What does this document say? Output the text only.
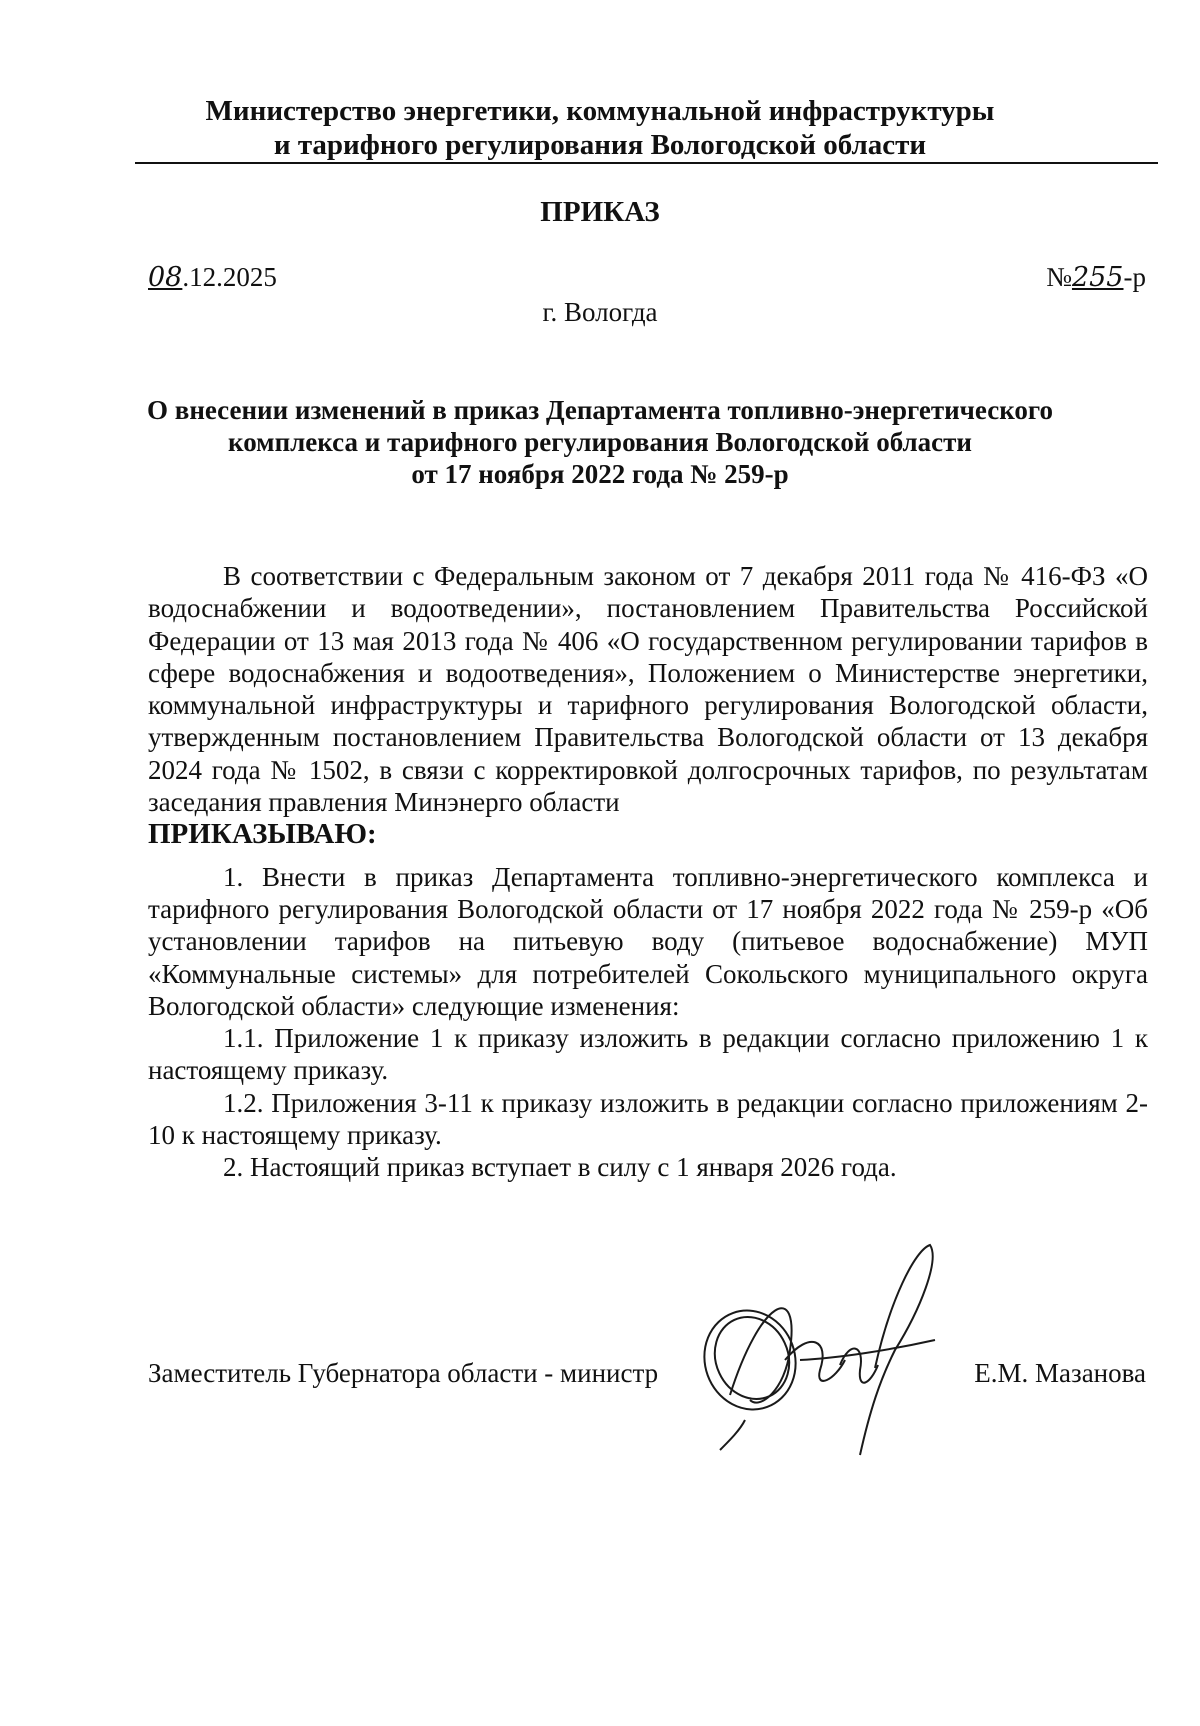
Министерство энергетики, коммунальной инфраструктуры
и тарифного регулирования Вологодской области
ПРИКАЗ
08.12.2025	№255-р
г. Вологда
О внесении изменений в приказ Департамента топливно-энергетического
комплекса и тарифного регулирования Вологодской области
от 17 ноября 2022 года № 259-р

В соответствии с Федеральным законом от 7 декабря 2011 года № 416-ФЗ «О водоснабжении и водоотведении», постановлением Правительства Российской Федерации от 13 мая 2013 года № 406 «О государственном регулировании тарифов в сфере водоснабжения и водоотведения», Положением о Министерстве энергетики, коммунальной инфраструктуры и тарифного регулирования Вологодской области, утвержденным постановлением Правительства Вологодской области от 13 декабря 2024 года № 1502, в связи с корректировкой долгосрочных тарифов, по результатам заседания правления Минэнерго области

ПРИКАЗЫВАЮ:

1. Внести в приказ Департамента топливно-энергетического комплекса и тарифного регулирования Вологодской области от 17 ноября 2022 года № 259-р «Об установлении тарифов на питьевую воду (питьевое водоснабжение) МУП «Коммунальные системы» для потребителей Сокольского муниципального округа Вологодской области» следующие изменения:

1.1. Приложение 1 к приказу изложить в редакции согласно приложению 1 к настоящему приказу.

1.2. Приложения 3-11 к приказу изложить в редакции согласно приложениям 2-10 к настоящему приказу.

2. Настоящий приказ вступает в силу с 1 января 2026 года.

Заместитель Губернатора области - министр	Е.М. Мазанова
